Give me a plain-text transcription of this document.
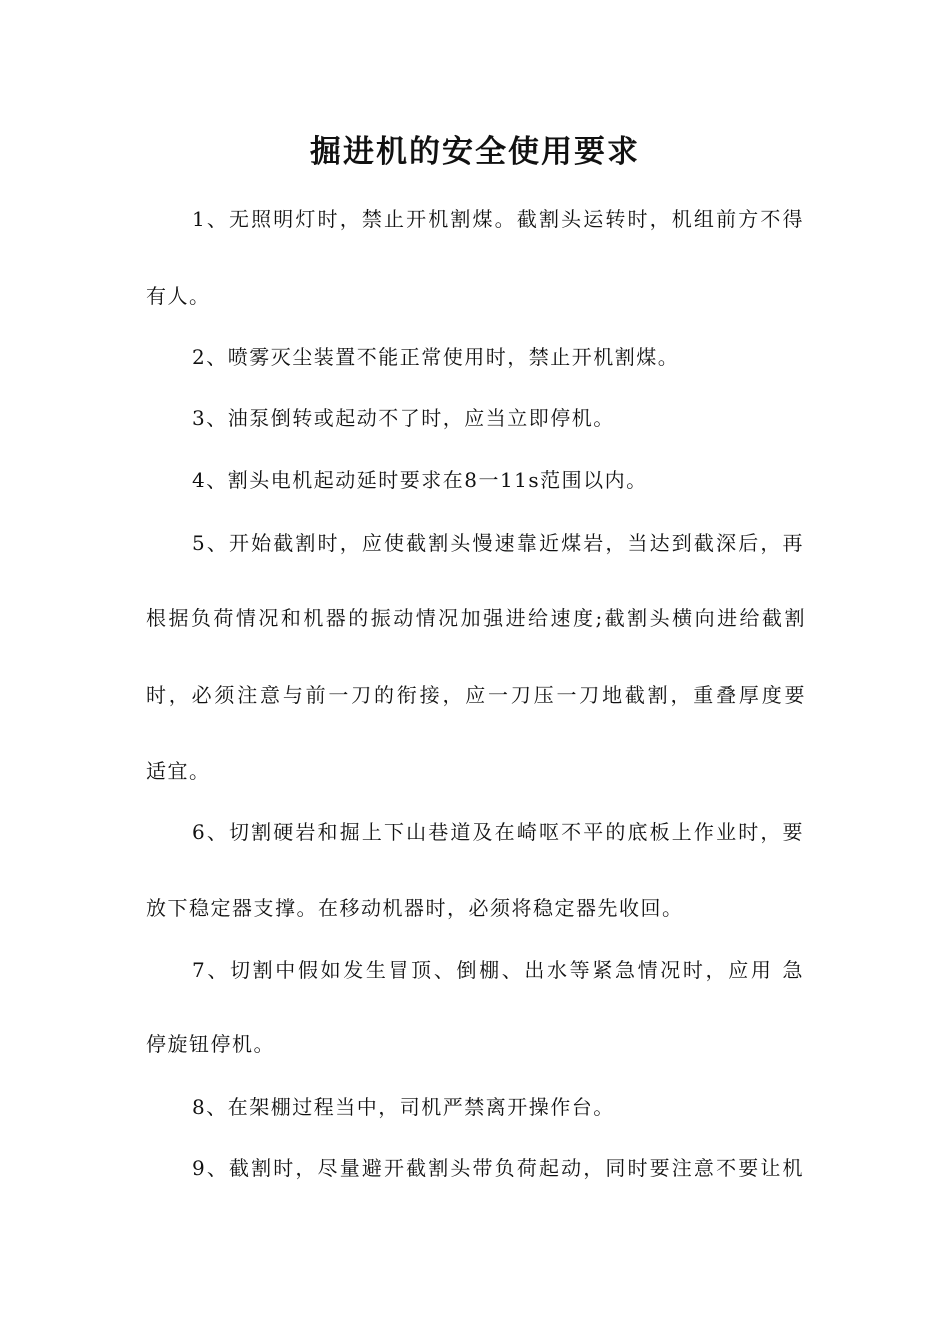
掘进机的安全使用要求
1、无照明灯时，禁止开机割煤。截割头运转时，机组前方不得
有人。
2、喷雾灭尘装置不能正常使用时，禁止开机割煤。
3、油泵倒转或起动不了时，应当立即停机。
4、割头电机起动延时要求在8一11s范围以内。
5、开始截割时，应使截割头慢速靠近煤岩，当达到截深后，再
根据负荷情况和机器的振动情况加强进给速度;截割头横向进给截割
时，必须注意与前一刀的衔接，应一刀压一刀地截割，重叠厚度要
适宜。
6、切割硬岩和掘上下山巷道及在崎呕不平的底板上作业时，要
放下稳定器支撑。在移动机器时，必须将稳定器先收回。
7、切割中假如发生冒顶、倒棚、出水等紧急情况时，应用 急
停旋钮停机。
8、在架棚过程当中，司机严禁离开操作台。
9、截割时，尽量避开截割头带负荷起动，同时要注意不要让机
